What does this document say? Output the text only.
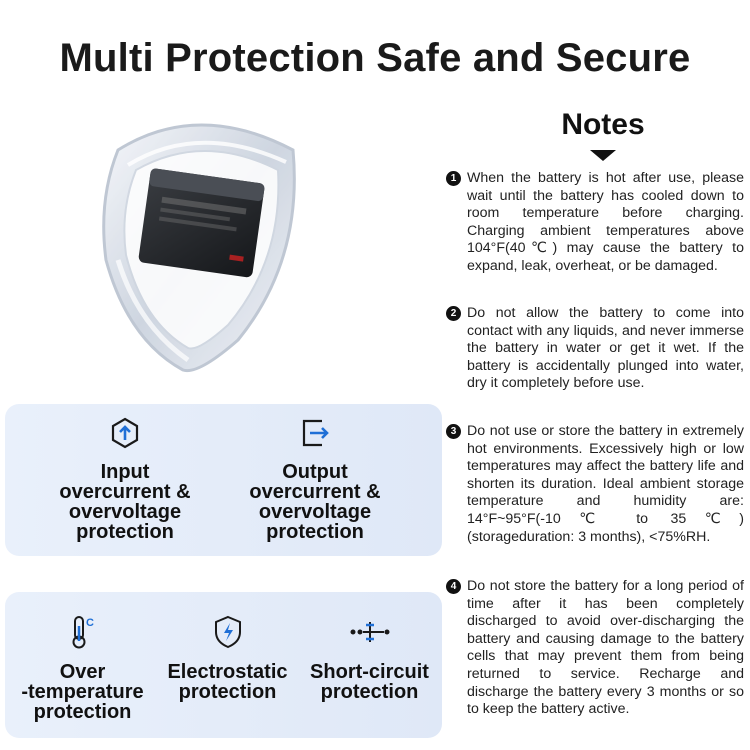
Multi Protection Safe and Secure
Input
overcurrent &
overvoltage
protection
Output
overcurrent &
overvoltage
protection
C
Over
-temperature
protection
Electrostatic
protection
Short-circuit
protection
Notes
1 When the battery is hot after use, please wait until the battery has cooled down to room temperature before charging. Charging ambient temperatures above 104°F(40℃) may cause the battery to expand, leak, overheat, or be damaged.
2 Do not allow the battery to come into contact with any liquids, and never immerse the battery in water or get it wet. If the battery is accidentally plunged into water, dry it completely before use.
3 Do not use or store the battery in extremely hot environments. Excessively high or low temperatures may affect the battery life and shorten its duration. Ideal ambient storage temperature and humidity are: 14°F~95°F(-10℃ to 35℃) (storageduration: 3 months), <75%RH.
4 Do not store the battery for a long period of time after it has been completely discharged to avoid over-discharging the battery and causing damage to the battery cells that may prevent them from being returned to service. Recharge and discharge the battery every 3 months or so to keep the battery active.
